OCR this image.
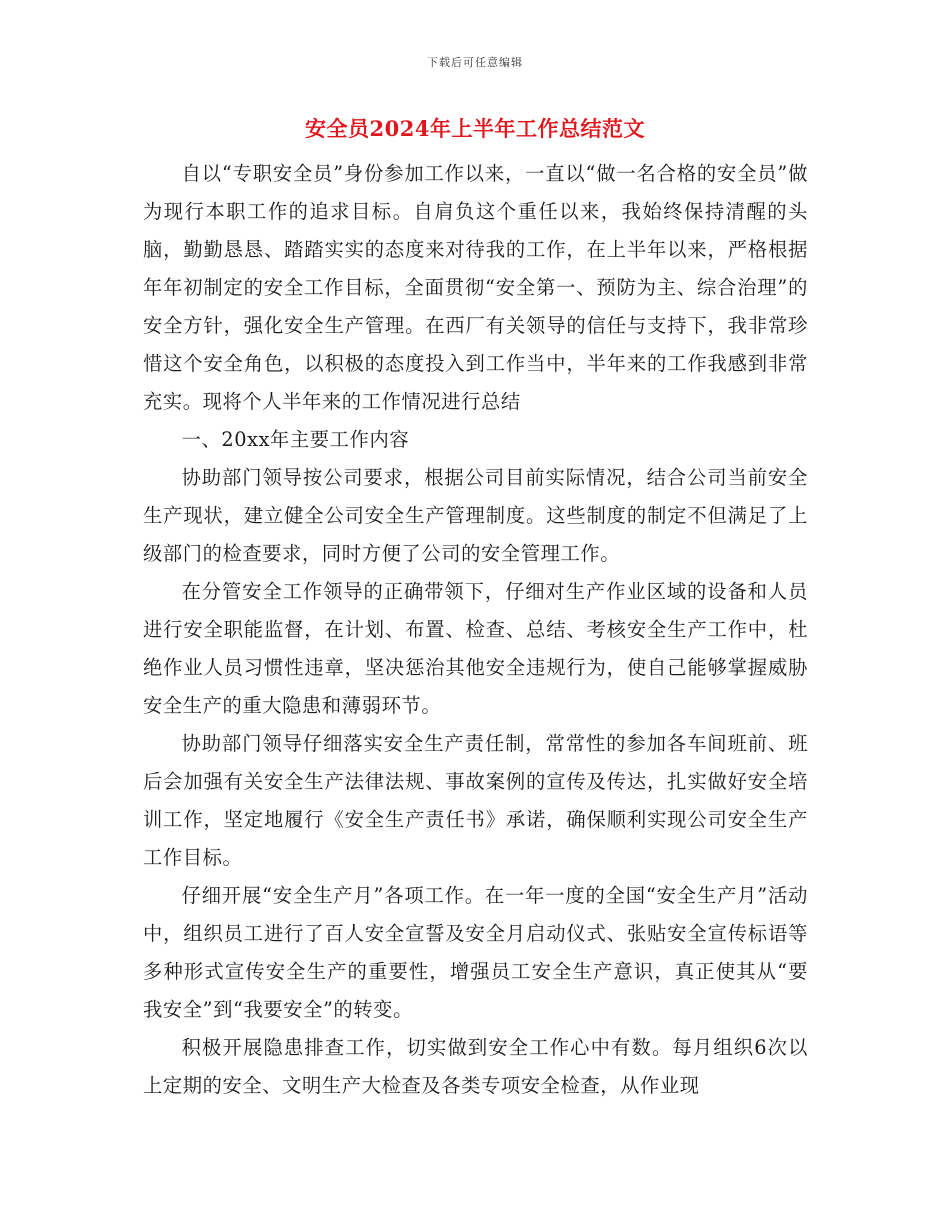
下载后可任意编辑
安全员2024年上半年工作总结范文

自以“专职安全员”身份参加工作以来，一直以“做一名合格的安全员”做为现行本职工作的追求目标。自肩负这个重任以来，我始终保持清醒的头脑，勤勤恳恳、踏踏实实的态度来对待我的工作，在上半年以来，严格根据年年初制定的安全工作目标，全面贯彻“安全第一、预防为主、综合治理”的安全方针，强化安全生产管理。在西厂有关领导的信任与支持下，我非常珍惜这个安全角色，以积极的态度投入到工作当中，半年来的工作我感到非常充实。现将个人半年来的工作情况进行总结

一、20xx年主要工作内容

协助部门领导按公司要求，根据公司目前实际情况，结合公司当前安全生产现状，建立健全公司安全生产管理制度。这些制度的制定不但满足了上级部门的检查要求，同时方便了公司的安全管理工作。

在分管安全工作领导的正确带领下，仔细对生产作业区域的设备和人员进行安全职能监督，在计划、布置、检查、总结、考核安全生产工作中，杜绝作业人员习惯性违章，坚决惩治其他安全违规行为，使自己能够掌握威胁安全生产的重大隐患和薄弱环节。

协助部门领导仔细落实安全生产责任制，常常性的参加各车间班前、班后会加强有关安全生产法律法规、事故案例的宣传及传达，扎实做好安全培训工作，坚定地履行《安全生产责任书》承诺，确保顺利实现公司安全生产工作目标。

仔细开展“安全生产月”各项工作。在一年一度的全国“安全生产月”活动中，组织员工进行了百人安全宣誓及安全月启动仪式、张贴安全宣传标语等多种形式宣传安全生产的重要性，增强员工安全生产意识，真正使其从“要我安全”到“我要安全”的转变。

积极开展隐患排查工作，切实做到安全工作心中有数。每月组织6次以上定期的安全、文明生产大检查及各类专项安全检查，从作业现
